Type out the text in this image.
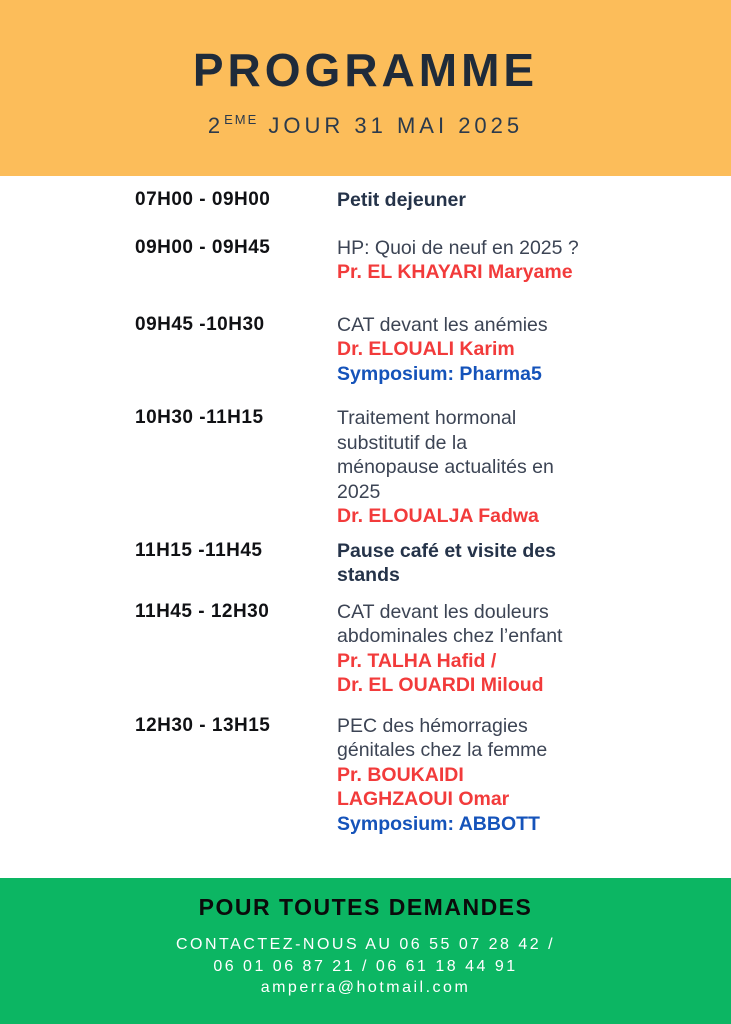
PROGRAMME
2 EME
JOUR 31 MAI 2025
07H00 - 09H00	Petit dejeuner
09H00 - 09H45	HP: Quoi de neuf en 2025 ?
Pr. EL KHAYARI Maryame
09H45 -10H30	CAT devant les anémies
Dr. ELOUALI Karim
Symposium: Pharma5
10H30 -11H15	Traitement hormonal
substitutif de la
ménopause actualités en
2025
Dr. ELOUALJA Fadwa
11H15 -11H45	Pause café et visite des
stands
11H45 - 12H30	CAT devant les douleurs
abdominales chez l’enfant
Pr. TALHA Hafid /
Dr. EL OUARDI Miloud
12H30 - 13H15	PEC des hémorragies
génitales chez la femme
Pr. BOUKAIDI
LAGHZAOUI Omar
Symposium: ABBOTT
POUR TOUTES DEMANDES
CONTACTEZ-NOUS AU 06 55 07 28 42 /
06 01 06 87 21 / 06 61 18 44 91
amperra@hotmail.com
